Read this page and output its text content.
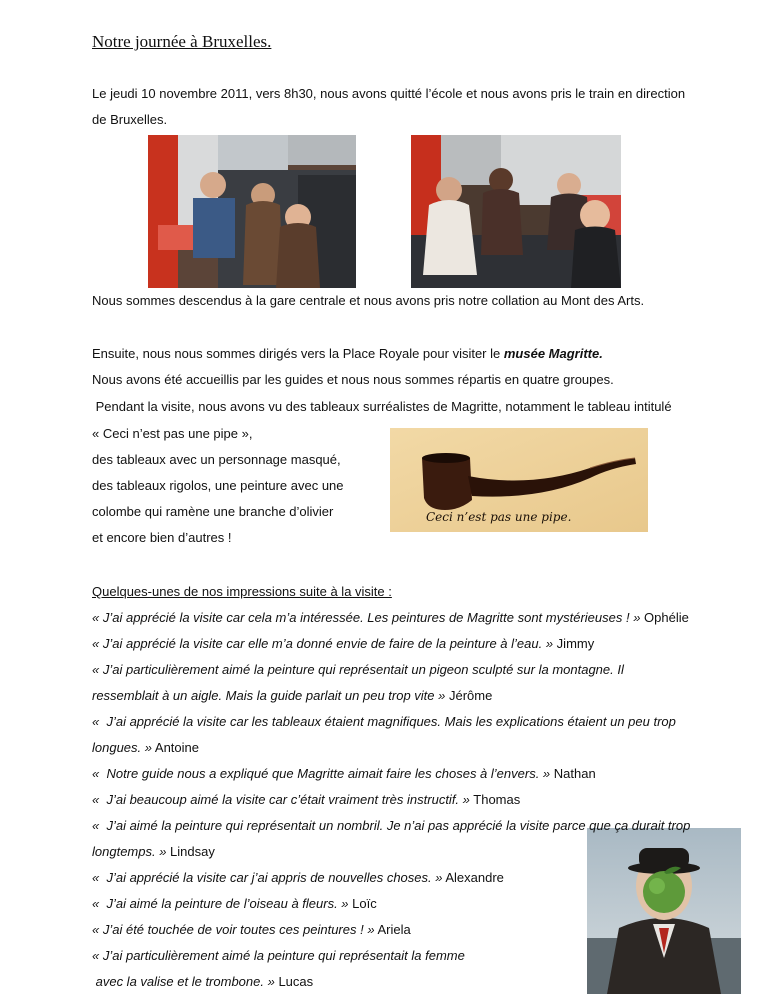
Notre journée à Bruxelles.
Le jeudi 10 novembre 2011, vers 8h30, nous avons quitté l’école et nous avons pris le train en direction
de Bruxelles.
Nous sommes descendus à la gare centrale et nous avons pris notre collation au Mont des Arts.
Ensuite, nous nous sommes dirigés vers la Place Royale pour visiter le musée Magritte.
Nous avons été accueillis par les guides et nous nous sommes répartis en quatre groupes.
Pendant la visite, nous avons vu des tableaux surréalistes de Magritte, notamment le tableau intitulé
« Ceci n’est pas une pipe »,
des tableaux avec un personnage masqué,
des tableaux rigolos, une peinture avec une
colombe qui ramène une branche d’olivier
et encore bien d’autres !
Ceci n’est pas une pipe.
Quelques-unes de nos impressions suite à la visite :
« J’ai apprécié la visite car cela m’a intéressée. Les peintures de Magritte sont mystérieuses ! » Ophélie
« J’ai apprécié la visite car elle m’a donné envie de faire de la peinture à l’eau. » Jimmy
« J’ai particulièrement aimé la peinture qui représentait un pigeon sculpté sur la montagne. Il
ressemblait à un aigle. Mais la guide parlait un peu trop vite » Jérôme
«  J’ai apprécié la visite car les tableaux étaient magnifiques. Mais les explications étaient un peu trop
longues. » Antoine
«  Notre guide nous a expliqué que Magritte aimait faire les choses à l’envers. » Nathan
«  J’ai beaucoup aimé la visite car c’était vraiment très instructif. » Thomas
«  J’ai aimé la peinture qui représentait un nombril. Je n’ai pas apprécié la visite parce que ça durait trop
longtemps. » Lindsay
«  J’ai apprécié la visite car j’ai appris de nouvelles choses. » Alexandre
«  J’ai aimé la peinture de l’oiseau à fleurs. » Loïc
« J’ai été touchée de voir toutes ces peintures ! » Ariela
« J’ai particulièrement aimé la peinture qui représentait la femme
avec la valise et le trombone. » Lucas
